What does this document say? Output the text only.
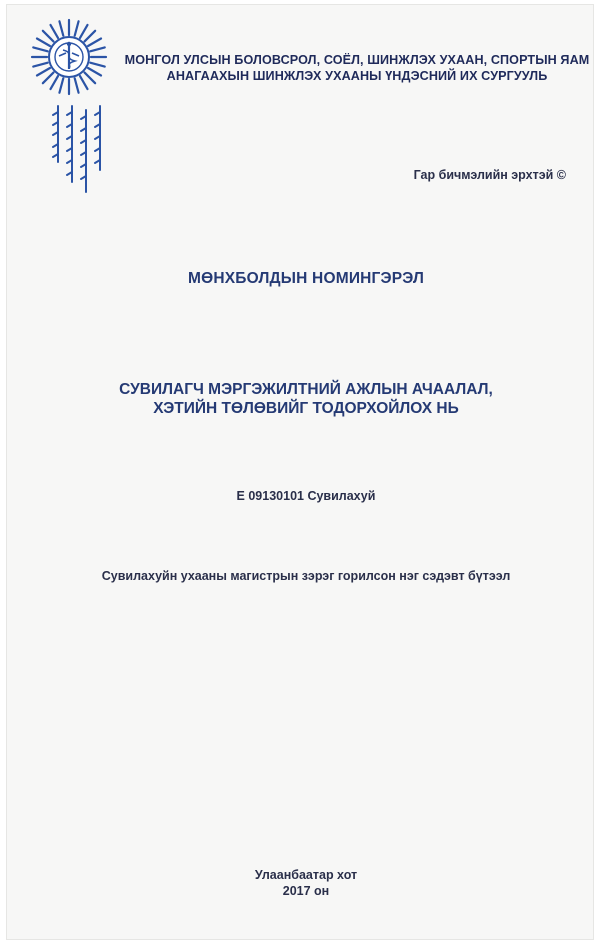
МОНГОЛ УЛСЫН БОЛОВСРОЛ, СОЁЛ, ШИНЖЛЭХ УХААН, СПОРТЫН ЯАМ
АНАГААХЫН ШИНЖЛЭХ УХААНЫ ҮНДЭСНИЙ ИХ СУРГУУЛЬ
Гар бичмэлийн эрхтэй ©
МӨНХБОЛДЫН НОМИНГЭРЭЛ
СУВИЛАГЧ МЭРГЭЖИЛТНИЙ АЖЛЫН АЧААЛАЛ,
ХЭТИЙН ТӨЛӨВИЙГ ТОДОРХОЙЛОХ НЬ
E 09130101 Сувилахуй
Сувилахуйн ухааны магистрын зэрэг горилсон нэг сэдэвт бүтээл
Улаанбаатар хот
2017 он
